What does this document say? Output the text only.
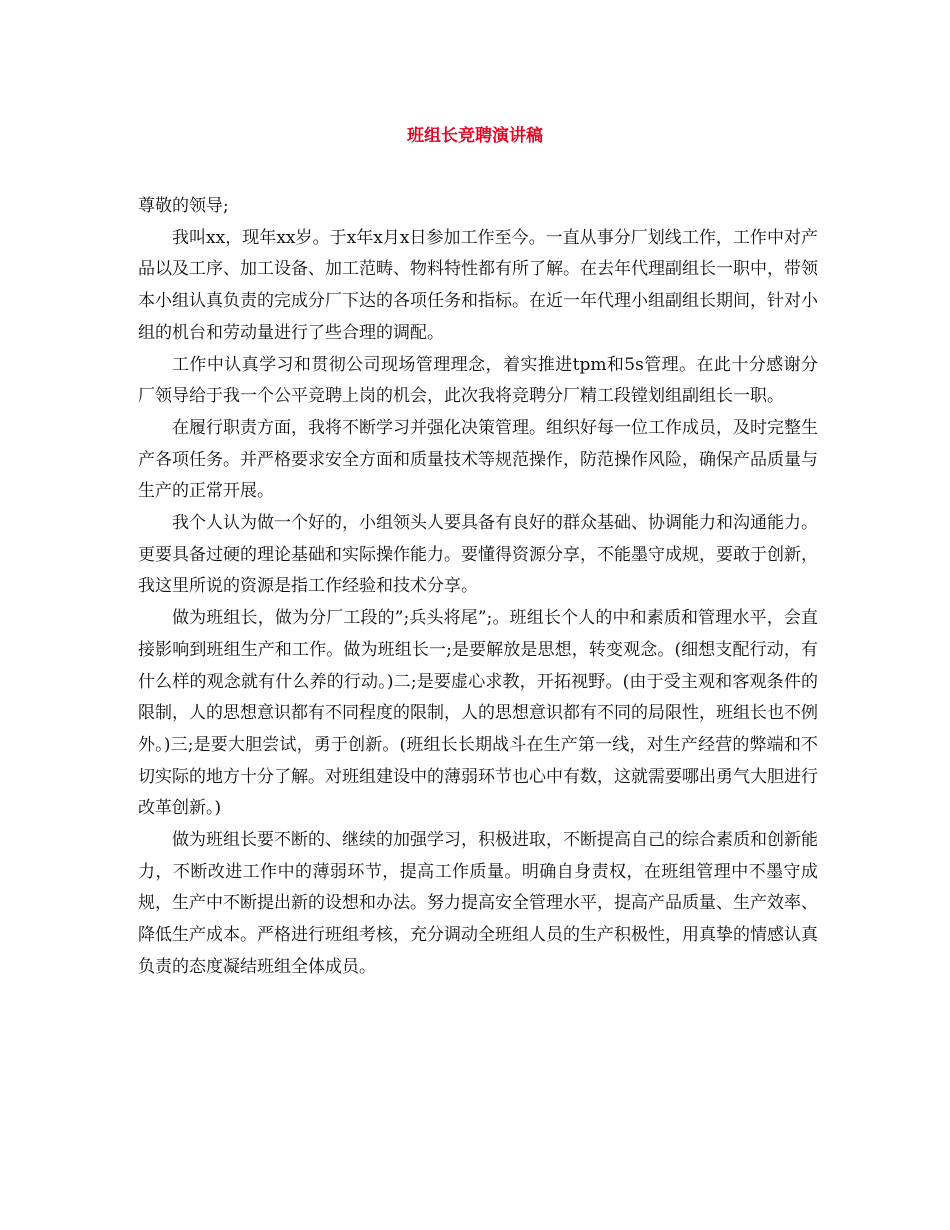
班组长竞聘演讲稿

尊敬的领导;

我叫xx，现年xx岁。于x年x月x日参加工作至今。一直从事分厂划线工作，工作中对产品以及工序、加工设备、加工范畴、物料特性都有所了解。在去年代理副组长一职中，带领本小组认真负责的完成分厂下达的各项任务和指标。在近一年代理小组副组长期间，针对小组的机台和劳动量进行了些合理的调配。

工作中认真学习和贯彻公司现场管理理念，着实推进tpm和5s管理。在此十分感谢分厂领导给于我一个公平竞聘上岗的机会，此次我将竞聘分厂精工段镗划组副组长一职。

在履行职责方面，我将不断学习并强化决策管理。组织好每一位工作成员，及时完整生产各项任务。并严格要求安全方面和质量技术等规范操作，防范操作风险，确保产品质量与生产的正常开展。

我个人认为做一个好的，小组领头人要具备有良好的群众基础、协调能力和沟通能力。更要具备过硬的理论基础和实际操作能力。要懂得资源分享，不能墨守成规，要敢于创新，我这里所说的资源是指工作经验和技术分享。

做为班组长，做为分厂工段的”;兵头将尾”;。班组长个人的中和素质和管理水平，会直接影响到班组生产和工作。做为班组长一;是要解放是思想，转变观念。(细想支配行动，有什么样的观念就有什么养的行动。)二;是要虚心求教，开拓视野。(由于受主观和客观条件的限制，人的思想意识都有不同程度的限制，人的思想意识都有不同的局限性，班组长也不例外。)三;是要大胆尝试，勇于创新。(班组长长期战斗在生产第一线，对生产经营的弊端和不切实际的地方十分了解。对班组建设中的薄弱环节也心中有数，这就需要哪出勇气大胆进行改革创新。)

做为班组长要不断的、继续的加强学习，积极进取，不断提高自己的综合素质和创新能力，不断改进工作中的薄弱环节，提高工作质量。明确自身责权，在班组管理中不墨守成规，生产中不断提出新的设想和办法。努力提高安全管理水平，提高产品质量、生产效率、降低生产成本。严格进行班组考核，充分调动全班组人员的生产积极性，用真挚的情感认真负责的态度凝结班组全体成员。
